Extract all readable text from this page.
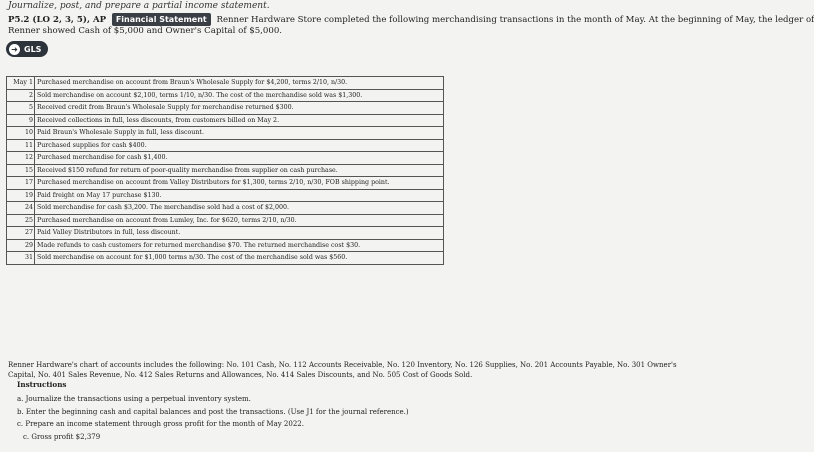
Journalize, post, and prepare a partial income statement.
P5.2 (LO 2, 3, 5), AP Financial Statement Renner Hardware Store completed the following merchandising transactions in the month of May. At the beginning of May, the ledger of
Renner showed Cash of $5,000 and Owner's Capital of $5,000.
➜ GLS
May 1	Purchased merchandise on account from Braun's Wholesale Supply for $4,200, terms 2/10, n/30.
2	Sold merchandise on account $2,100, terms 1/10, n/30. The cost of the merchandise sold was $1,300.
5	Received credit from Braun's Wholesale Supply for merchandise returned $300.
9	Received collections in full, less discounts, from customers billed on May 2.
10	Paid Braun's Wholesale Supply in full, less discount.
11	Purchased supplies for cash $400.
12	Purchased merchandise for cash $1,400.
15	Received $150 refund for return of poor-quality merchandise from supplier on cash purchase.
17	Purchased merchandise on account from Valley Distributors for $1,300, terms 2/10, n/30, FOB shipping point.
19	Paid freight on May 17 purchase $130.
24	Sold merchandise for cash $3,200. The merchandise sold had a cost of $2,000.
25	Purchased merchandise on account from Lumley, Inc. for $620, terms 2/10, n/30.
27	Paid Valley Distributors in full, less discount.
29	Made refunds to cash customers for returned merchandise $70. The returned merchandise cost $30.
31	Sold merchandise on account for $1,000 terms n/30. The cost of the merchandise sold was $560.
Renner Hardware's chart of accounts includes the following: No. 101 Cash, No. 112 Accounts Receivable, No. 120 Inventory, No. 126 Supplies, No. 201 Accounts Payable, No. 301 Owner's
Capital, No. 401 Sales Revenue, No. 412 Sales Returns and Allowances, No. 414 Sales Discounts, and No. 505 Cost of Goods Sold.
Instructions
a. Journalize the transactions using a perpetual inventory system.
b. Enter the beginning cash and capital balances and post the transactions. (Use J1 for the journal reference.)
c. Prepare an income statement through gross profit for the month of May 2022.
c. Gross profit $2,379
